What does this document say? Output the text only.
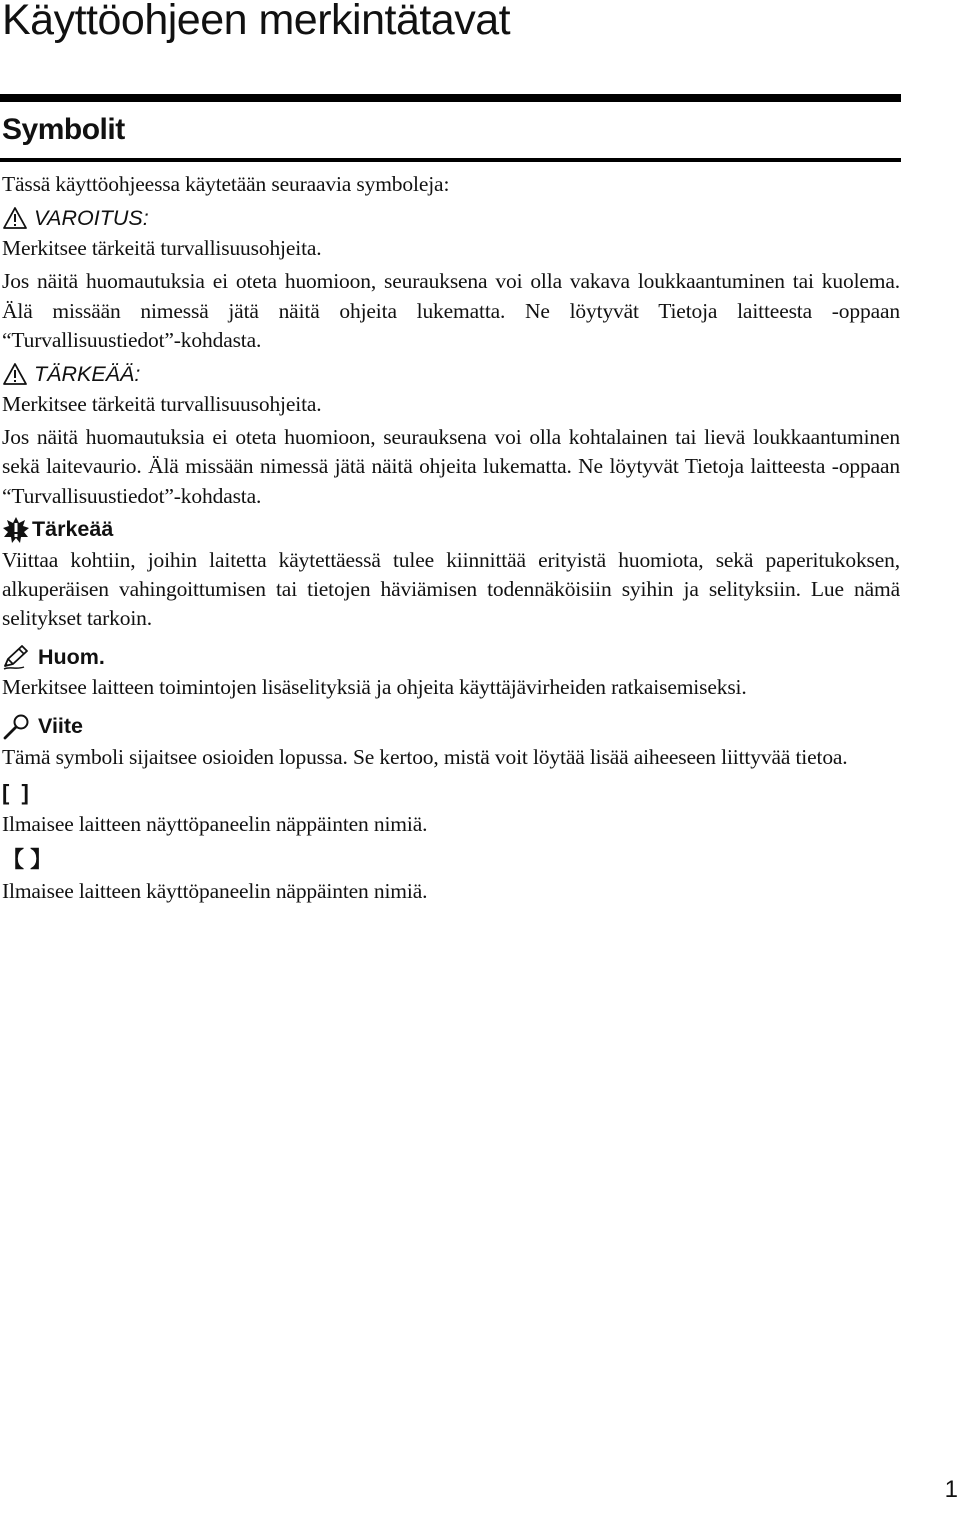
Käyttöohjeen merkintätavat
Symbolit

Tässä käyttöohjeessa käytetään seuraavia symboleja:

VAROITUS:

Merkitsee tärkeitä turvallisuusohjeita.

Jos näitä huomautuksia ei oteta huomioon, seurauksena voi olla vakava loukkaantuminen tai kuolema. Älä missään nimessä jätä näitä ohjeita lukematta. Ne löytyvät Tietoja laitteesta -oppaan “Turvallisuustiedot”-kohdasta.

TÄRKEÄÄ:

Merkitsee tärkeitä turvallisuusohjeita.

Jos näitä huomautuksia ei oteta huomioon, seurauksena voi olla kohtalainen tai lievä loukkaantuminen sekä laitevaurio. Älä missään nimessä jätä näitä ohjeita lukematta. Ne löytyvät Tietoja laitteesta -oppaan “Turvallisuustiedot”-kohdasta.

Tärkeää

Viittaa kohtiin, joihin laitetta käytettäessä tulee kiinnittää erityistä huomiota, sekä paperitukoksen, alkuperäisen vahingoittumisen tai tietojen häviämisen todennäköisiin syihin ja selityksiin. Lue nämä selitykset tarkoin.

Huom.

Merkitsee laitteen toimintojen lisäselityksiä ja ohjeita käyttäjävirheiden ratkaisemiseksi.

Viite

Tämä symboli sijaitsee osioiden lopussa. Se kertoo, mistä voit löytää lisää aiheeseen liittyvää tietoa.

[ ]

Ilmaisee laitteen näyttöpaneelin näppäinten nimiä.

【 】

Ilmaisee laitteen käyttöpaneelin näppäinten nimiä.

1
